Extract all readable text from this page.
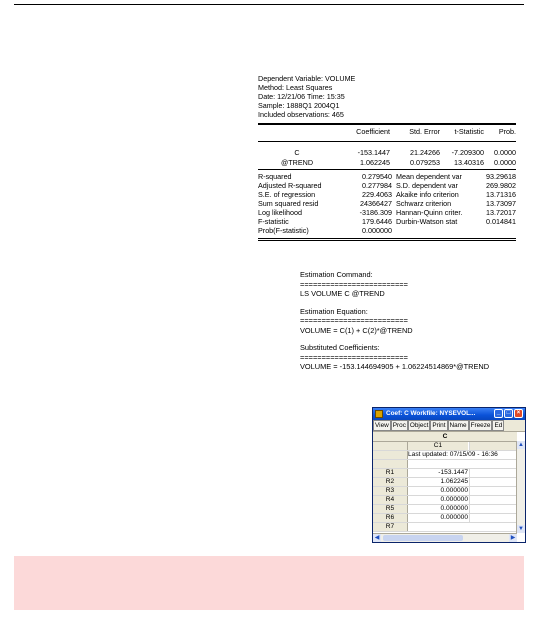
Dependent Variable: VOLUME
Method: Least Squares
Date: 12/21/06 Time: 15:35
Sample: 1888Q1 2004Q1
Included observations: 465
Coefficient	Std. Error	t-Statistic	Prob.
C	-153.1447	21.24266	-7.209300	0.0000
@TREND	1.062245	0.079253	13.40316	0.0000
R-squared	0.279540 Mean dependent var	93.29618
Adjusted R-squared	0.277984 S.D. dependent var	269.9802
S.E. of regression	229.4063 Akaike info criterion	13.71316
Sum squared resid	24366427 Schwarz criterion	13.73097
Log likelihood	-3186.309 Hannan-Quinn criter.	13.72017
F-statistic	179.6446 Durbin-Watson stat	0.014841
Prob(F-statistic)	0.000000
Estimation Command:
=========================
LS VOLUME C @TREND
Estimation Equation:
=========================
VOLUME = C(1) + C(2)*@TREND
Substituted Coefficients:
=========================
VOLUME = -153.144694905 + 1.06224514869*@TREND
Coef: C Workfile: NYSEVOL...	_	□	×
View Proc Object Print Name Freeze Ed
C
C1
Last updated: 07/15/09 - 16:36
R1	-153.1447
R2	1.062245
R3	0.000000
R4	0.000000
R5	0.000000
R6	0.000000
R7
▲
▼
◀	▶
